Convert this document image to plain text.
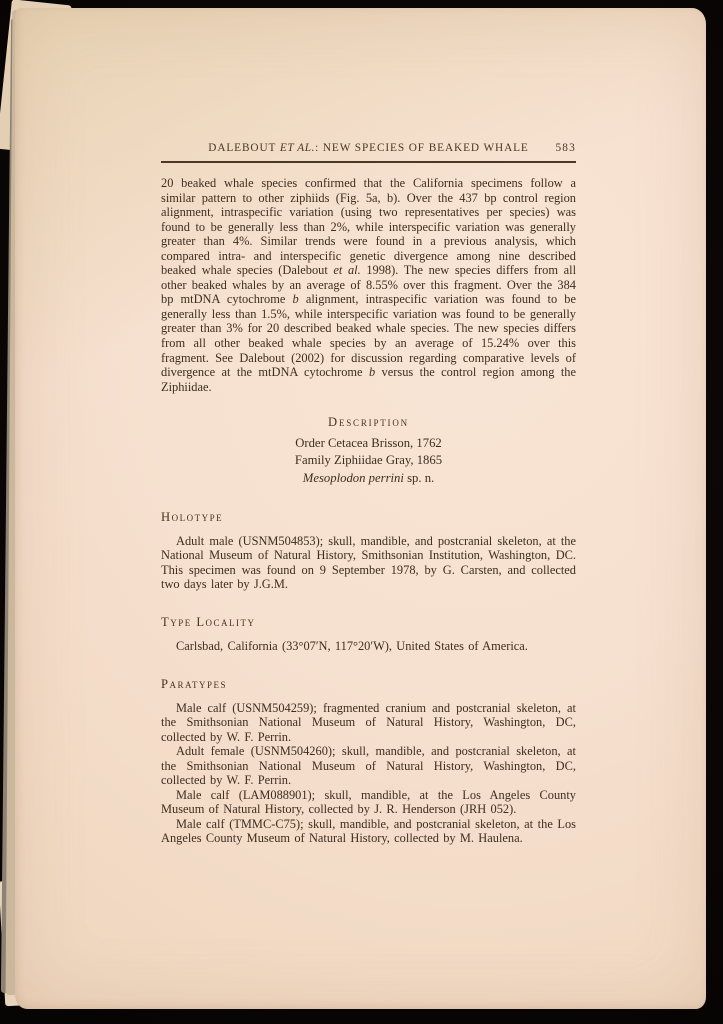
DALEBOUT ET AL.: NEW SPECIES OF BEAKED WHALE 583

20 beaked whale species confirmed that the California specimens follow a similar pattern to other ziphiids (Fig. 5a, b). Over the 437 bp control region alignment, intraspecific variation (using two representatives per species) was found to be generally less than 2%, while interspecific variation was generally greater than 4%. Similar trends were found in a previous analysis, which compared intra- and interspecific genetic divergence among nine described beaked whale species (Dalebout et al. 1998). The new species differs from all other beaked whales by an average of 8.55% over this fragment. Over the 384 bp mtDNA cytochrome b alignment, intraspecific variation was found to be generally less than 1.5%, while interspecific variation was found to be generally greater than 3% for 20 described beaked whale species. The new species differs from all other beaked whale species by an average of 15.24% over this fragment. See Dalebout (2002) for discussion regarding comparative levels of divergence at the mtDNA cytochrome b versus the control region among the Ziphiidae.

Description
Order Cetacea Brisson, 1762
Family Ziphiidae Gray, 1865
Mesoplodon perrini sp. n.
Holotype

Adult male (USNM504853); skull, mandible, and postcranial skeleton, at the National Museum of Natural History, Smithsonian Institution, Washington, DC. This specimen was found on 9 September 1978, by G. Carsten, and collected two days later by J.G.M.

Type Locality

Carlsbad, California (33°07′N, 117°20′W), United States of America.

Paratypes

Male calf (USNM504259); fragmented cranium and postcranial skeleton, at the Smithsonian National Museum of Natural History, Washington, DC, collected by W. F. Perrin.

Adult female (USNM504260); skull, mandible, and postcranial skeleton, at the Smithsonian National Museum of Natural History, Washington, DC, collected by W. F. Perrin.

Male calf (LAM088901); skull, mandible, at the Los Angeles County Museum of Natural History, collected by J. R. Henderson (JRH 052).

Male calf (TMMC-C75); skull, mandible, and postcranial skeleton, at the Los Angeles County Museum of Natural History, collected by M. Haulena.
